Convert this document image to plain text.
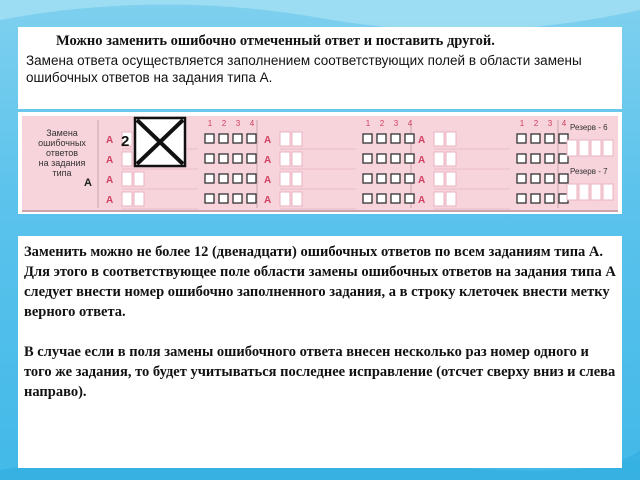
Можно заменить ошибочно отмеченный ответ и поставить другой.
Замена ответа осуществляется заполнением соответствующих полей в области замены ошибочных ответов на задания типа А.
Замена
ошибочных
ответов
на задания
типа
А
1 2 3 4
А
А
А
А
1 2 3 4
А
А
А
А
1 2 3 4
А
А
А
А
Резерв - 6
Резерв - 7
2

Заменить можно не более 12 (двенадцати) ошибочных ответов по всем заданиям типа А.

Для этого в соответствующее поле области замены ошибочных ответов на задания типа А следует внести номер ошибочно заполненного задания, а в строку клеточек внести метку верного ответа.

В случае если в поля замены ошибочного ответа внесен несколько раз номер одного и того же задания, то будет учитываться последнее исправление (отсчет сверху вниз и слева направо).
